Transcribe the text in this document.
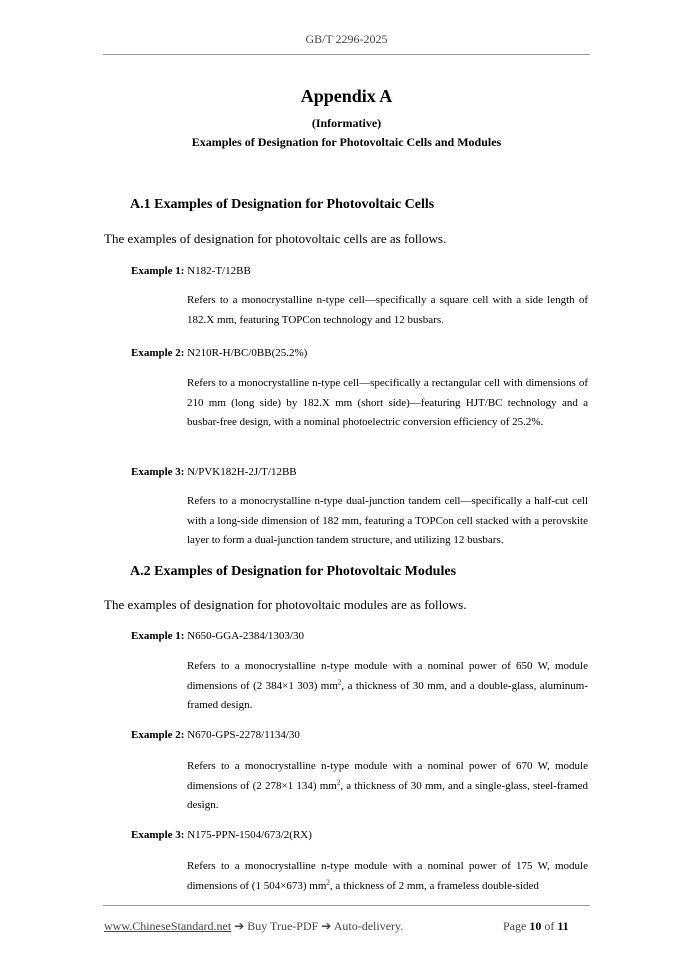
GB/T 2296-2025
Appendix A
(Informative)
Examples of Designation for Photovoltaic Cells and Modules
A.1 Examples of Designation for Photovoltaic Cells
The examples of designation for photovoltaic cells are as follows.
Example 1: N182-T/12BB
Refers to a monocrystalline n-type cell—specifically a square cell with a side length of 182.X mm, featuring TOPCon technology and 12 busbars.
Example 2: N210R-H/BC/0BB(25.2%)
Refers to a monocrystalline n-type cell—specifically a rectangular cell with dimensions of 210 mm (long side) by 182.X mm (short side)—featuring HJT/BC technology and a busbar-free design, with a nominal photoelectric conversion efficiency of 25.2%.
Example 3: N/PVK182H-2J/T/12BB
Refers to a monocrystalline n-type dual-junction tandem cell—specifically a half-cut cell with a long-side dimension of 182 mm, featuring a TOPCon cell stacked with a perovskite layer to form a dual-junction tandem structure, and utilizing 12 busbars.
A.2 Examples of Designation for Photovoltaic Modules
The examples of designation for photovoltaic modules are as follows.
Example 1: N650-GGA-2384/1303/30
Refers to a monocrystalline n-type module with a nominal power of 650 W, module dimensions of (2 384×1 303) $mm^2$, a thickness of 30 mm, and a double-glass, aluminum-framed design.
Example 2: N670-GPS-2278/1134/30
Refers to a monocrystalline n-type module with a nominal power of 670 W, module dimensions of (2 278×1 134) $mm^2$, a thickness of 30 mm, and a single-glass, steel-framed design.
Example 3: N175-PPN-1504/673/2(RX)
Refers to a monocrystalline n-type module with a nominal power of 175 W, module dimensions of (1 504×673) $mm^2$, a thickness of 2 mm, a frameless double-sided
www.ChineseStandard.net ➔ Buy True-PDF ➔ Auto-delivery.	Page 10 of 11
